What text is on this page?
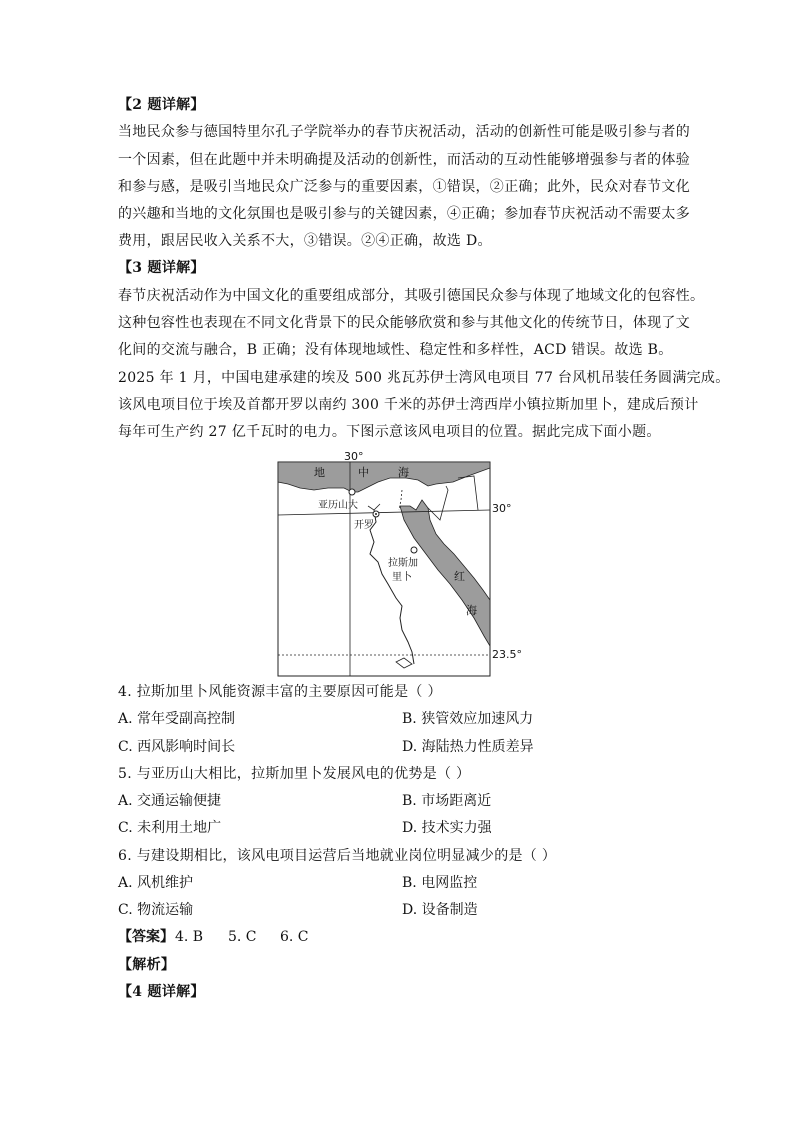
【2 题详解】
当地民众参与德国特里尔孔子学院举办的春节庆祝活动，活动的创新性可能是吸引参与者的
一个因素，但在此题中并未明确提及活动的创新性，而活动的互动性能够增强参与者的体验
和参与感，是吸引当地民众广泛参与的重要因素，①错误，②正确；此外，民众对春节文化
的兴趣和当地的文化氛围也是吸引参与的关键因素，④正确；参加春节庆祝活动不需要太多
费用，跟居民收入关系不大，③错误。②④正确，故选 D。
【3 题详解】
春节庆祝活动作为中国文化的重要组成部分，其吸引德国民众参与体现了地域文化的包容性。
这种包容性也表现在不同文化背景下的民众能够欣赏和参与其他文化的传统节日，体现了文
化间的交流与融合，B 正确；没有体现地域性、稳定性和多样性，ACD 错误。故选 B。
2025 年 1 月，中国电建承建的埃及 500 兆瓦苏伊士湾风电项目 77 台风机吊装任务圆满完成。
该风电项目位于埃及首都开罗以南约 300 千米的苏伊士湾西岸小镇拉斯加里卜，建成后预计
每年可生产约 27 亿千瓦时的电力。下图示意该风电项目的位置。据此完成下面小题。
30°
30°
23.5°
地	中	海
亚历山大
开罗
拉斯加
里卜	红
海
4. 拉斯加里卜风能资源丰富的主要原因可能是（ ）
A. 常年受副高控制	B. 狭管效应加速风力
C. 西风影响时间长	D. 海陆热力性质差异
5. 与亚历山大相比，拉斯加里卜发展风电的优势是（ ）
A. 交通运输便捷	B. 市场距离近
C. 未利用土地广	D. 技术实力强
6. 与建设期相比，该风电项目运营后当地就业岗位明显减少的是（ ）
A. 风机维护	B. 电网监控
C. 物流运输	D. 设备制造
【答案】 4. B 5. C 6. C
【解析】
【4 题详解】
